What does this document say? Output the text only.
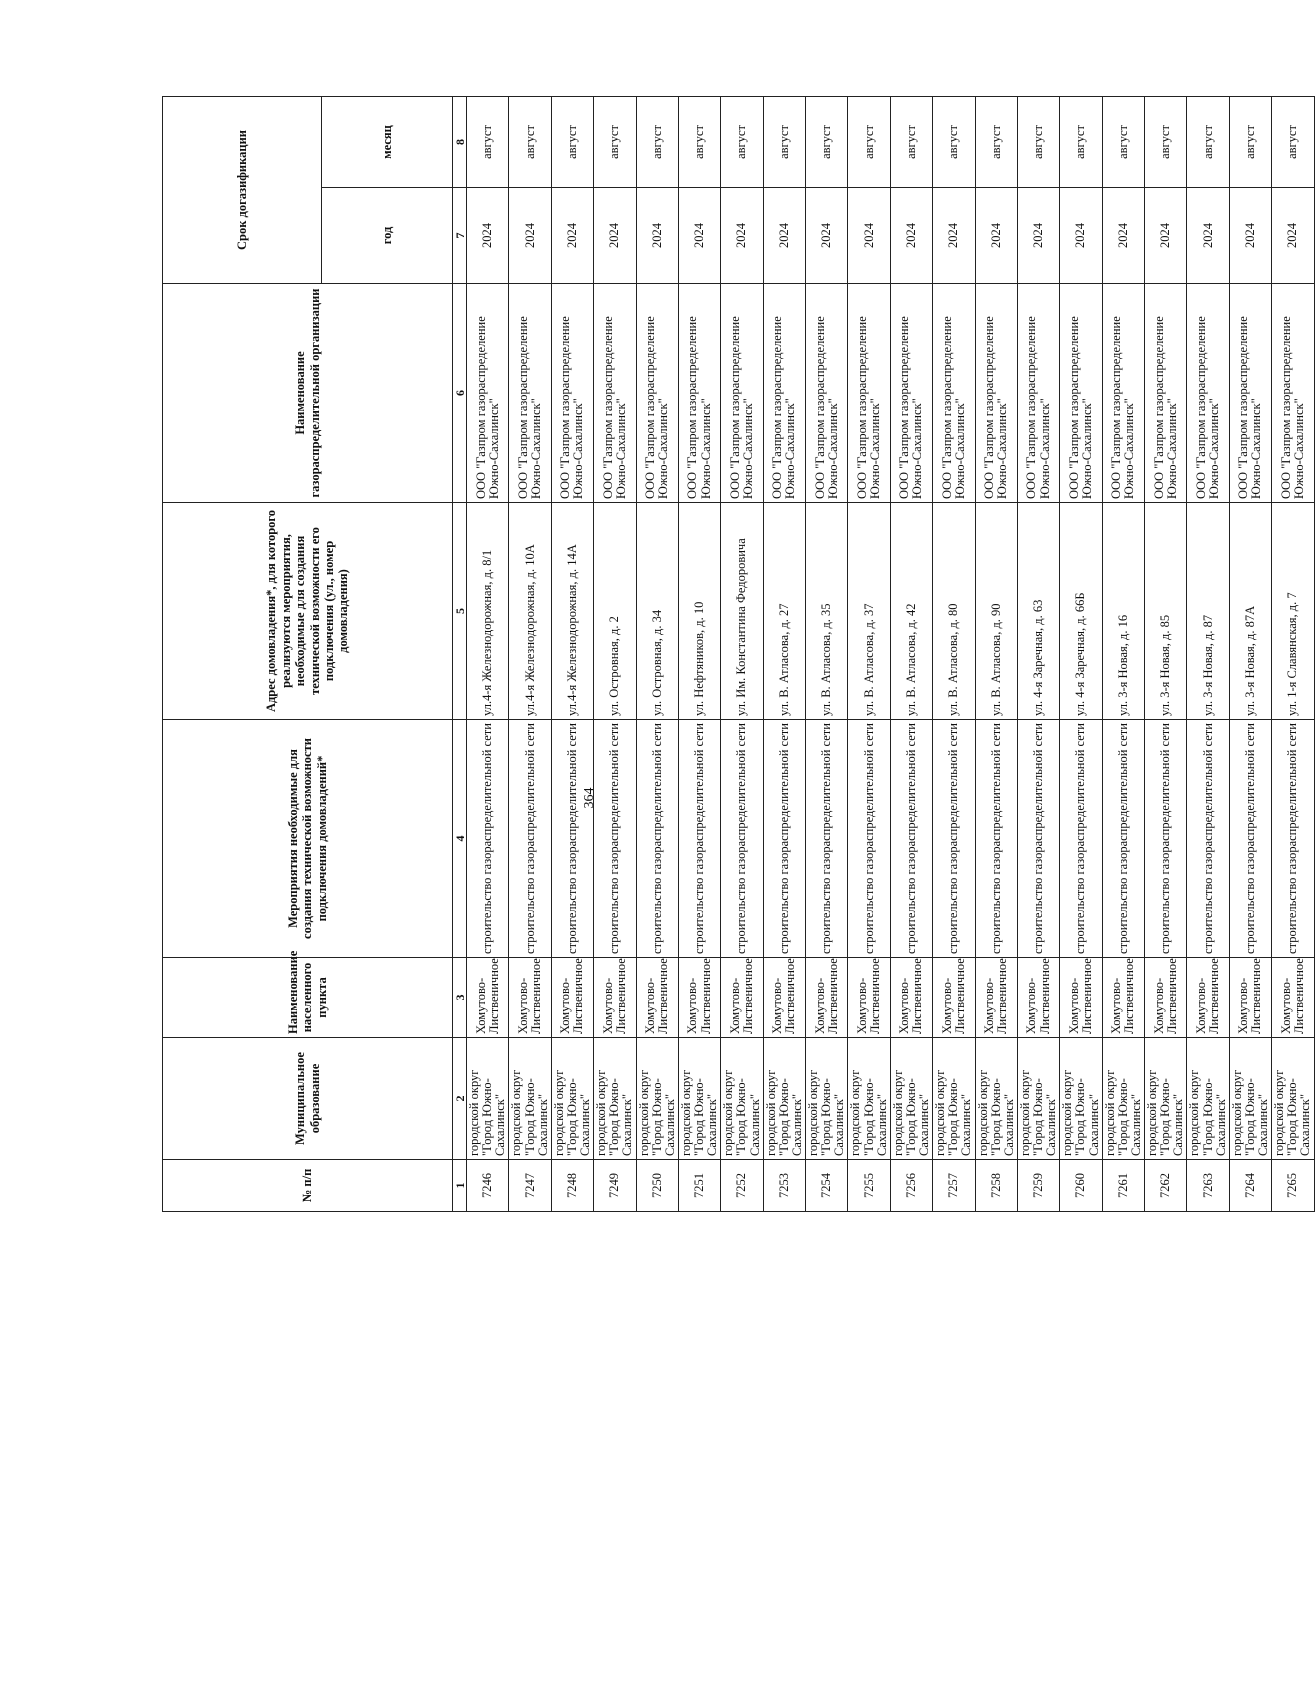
364
№ п/п	Муниципальное образование	Наименование населенного пункта	Мероприятия необходимые для создания технической возможности подключения домовладений*	Адрес домовладения*, для которого реализуются мероприятия, необходимые для создания технической возможности его подключения (ул., номер домовладения)	Наименование газораспределительной организации	Срок догазификации	
						год	месяц
1	2	3	4	5	6	7	8
7246	городской округ "Город Южно-Сахалинск"	Хомутово-Лиственичное	строительство газораспределительной сети	ул.4-я Железнодорожная, д. 8/1	ООО "Газпром газораспределение Южно-Сахалинск"	2024	август
7247	городской округ "Город Южно-Сахалинск"	Хомутово-Лиственичное	строительство газораспределительной сети	ул.4-я Железнодорожная, д. 10А	ООО "Газпром газораспределение Южно-Сахалинск"	2024	август
7248	городской округ "Город Южно-Сахалинск"	Хомутово-Лиственичное	строительство газораспределительной сети	ул.4-я Железнодорожная, д. 14А	ООО "Газпром газораспределение Южно-Сахалинск"	2024	август
7249	городской округ "Город Южно-Сахалинск"	Хомутово-Лиственичное	строительство газораспределительной сети	ул. Островная, д. 2	ООО "Газпром газораспределение Южно-Сахалинск"	2024	август
7250	городской округ "Город Южно-Сахалинск"	Хомутово-Лиственичное	строительство газораспределительной сети	ул. Островная, д. 34	ООО "Газпром газораспределение Южно-Сахалинск"	2024	август
7251	городской округ "Город Южно-Сахалинск"	Хомутово-Лиственичное	строительство газораспределительной сети	ул. Нефтяников, д. 10	ООО "Газпром газораспределение Южно-Сахалинск"	2024	август
7252	городской округ "Город Южно-Сахалинск"	Хомутово-Лиственичное	строительство газораспределительной сети	ул. Им. Константина Федоровича	ООО "Газпром газораспределение Южно-Сахалинск"	2024	август
7253	городской округ "Город Южно-Сахалинск"	Хомутово-Лиственичное	строительство газораспределительной сети	ул. В. Атласова, д. 27	ООО "Газпром газораспределение Южно-Сахалинск"	2024	август
7254	городской округ "Город Южно-Сахалинск"	Хомутово-Лиственичное	строительство газораспределительной сети	ул. В. Атласова, д. 35	ООО "Газпром газораспределение Южно-Сахалинск"	2024	август
7255	городской округ "Город Южно-Сахалинск"	Хомутово-Лиственичное	строительство газораспределительной сети	ул. В. Атласова, д. 37	ООО "Газпром газораспределение Южно-Сахалинск"	2024	август
7256	городской округ "Город Южно-Сахалинск"	Хомутово-Лиственичное	строительство газораспределительной сети	ул. В. Атласова, д. 42	ООО "Газпром газораспределение Южно-Сахалинск"	2024	август
7257	городской округ "Город Южно-Сахалинск"	Хомутово-Лиственичное	строительство газораспределительной сети	ул. В. Атласова, д. 80	ООО "Газпром газораспределение Южно-Сахалинск"	2024	август
7258	городской округ "Город Южно-Сахалинск"	Хомутово-Лиственичное	строительство газораспределительной сети	ул. В. Атласова, д. 90	ООО "Газпром газораспределение Южно-Сахалинск"	2024	август
7259	городской округ "Город Южно-Сахалинск"	Хомутово-Лиственичное	строительство газораспределительной сети	ул. 4-я Заречная, д. 63	ООО "Газпром газораспределение Южно-Сахалинск"	2024	август
7260	городской округ "Город Южно-Сахалинск"	Хомутово-Лиственичное	строительство газораспределительной сети	ул. 4-я Заречная, д. 66Б	ООО "Газпром газораспределение Южно-Сахалинск"	2024	август
7261	городской округ "Город Южно-Сахалинск"	Хомутово-Лиственичное	строительство газораспределительной сети	ул. 3-я Новая, д. 16	ООО "Газпром газораспределение Южно-Сахалинск"	2024	август
7262	городской округ "Город Южно-Сахалинск"	Хомутово-Лиственичное	строительство газораспределительной сети	ул. 3-я Новая, д. 85	ООО "Газпром газораспределение Южно-Сахалинск"	2024	август
7263	городской округ "Город Южно-Сахалинск"	Хомутово-Лиственичное	строительство газораспределительной сети	ул. 3-я Новая, д. 87	ООО "Газпром газораспределение Южно-Сахалинск"	2024	август
7264	городской округ "Город Южно-Сахалинск"	Хомутово-Лиственичное	строительство газораспределительной сети	ул. 3-я Новая, д. 87А	ООО "Газпром газораспределение Южно-Сахалинск"	2024	август
7265	городской округ "Город Южно-Сахалинск"	Хомутово-Лиственичное	строительство газораспределительной сети	ул. 1-я Славянская, д. 7	ООО "Газпром газораспределение Южно-Сахалинск"	2024	август
